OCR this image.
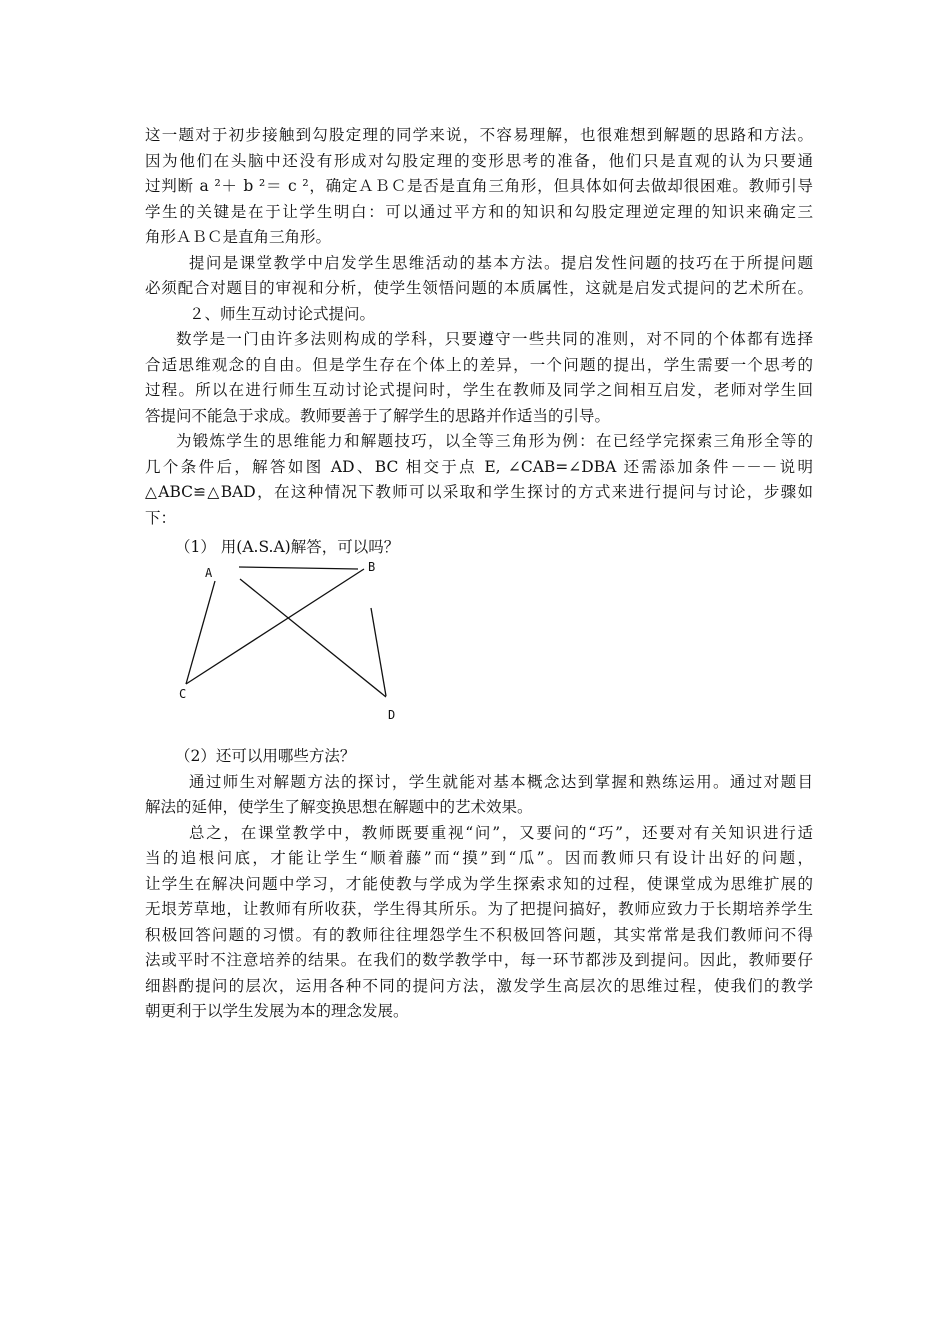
这一题对于初步接触到勾股定理的同学来说，不容易理解，也很难想到解题的思路和方法。
因为他们在头脑中还没有形成对勾股定理的变形思考的准备，他们只是直观的认为只要通
过判断 a ²＋ b ²＝ c ²，确定ＡＢＣ是否是直角三角形，但具体如何去做却很困难。教师引导
学生的关键是在于让学生明白：可以通过平方和的知识和勾股定理逆定理的知识来确定三
角形ＡＢＣ是直角三角形。
提问是课堂教学中启发学生思维活动的基本方法。提启发性问题的技巧在于所提问题
必须配合对题目的审视和分析，使学生领悟问题的本质属性，这就是启发式提问的艺术所在。
２、师生互动讨论式提问。
数学是一门由许多法则构成的学科，只要遵守一些共同的准则，对不同的个体都有选择
合适思维观念的自由。但是学生存在个体上的差异，一个问题的提出，学生需要一个思考的
过程。所以在进行师生互动讨论式提问时，学生在教师及同学之间相互启发，老师对学生回
答提问不能急于求成。教师要善于了解学生的思路并作适当的引导。
为锻炼学生的思维能力和解题技巧，以全等三角形为例：在已经学完探索三角形全等的
几个条件后，解答如图 AD、BC 相交于点 E, ∠CAB=∠DBA 还需添加条件－－－说明
△ABC≌△BAD，在这种情况下教师可以采取和学生探讨的方式来进行提问与讨论，步骤如
下：
（1） 用(A.S.A)解答，可以吗？
A	B
C
D
（2）还可以用哪些方法？
通过师生对解题方法的探讨，学生就能对基本概念达到掌握和熟练运用。通过对题目
解法的延伸，使学生了解变换思想在解题中的艺术效果。
总之，在课堂教学中，教师既要重视“问”，又要问的“巧”，还要对有关知识进行适
当的追根问底，才能让学生“顺着藤”而“摸”到“瓜”。因而教师只有设计出好的问题，
让学生在解决问题中学习，才能使教与学成为学生探索求知的过程，使课堂成为思维扩展的
无垠芳草地，让教师有所收获，学生得其所乐。为了把提问搞好，教师应致力于长期培养学生
积极回答问题的习惯。有的教师往往埋怨学生不积极回答问题，其实常常是我们教师问不得
法或平时不注意培养的结果。在我们的数学教学中，每一环节都涉及到提问。因此，教师要仔
细斟酌提问的层次，运用各种不同的提问方法，激发学生高层次的思维过程，使我们的教学
朝更利于以学生发展为本的理念发展。
